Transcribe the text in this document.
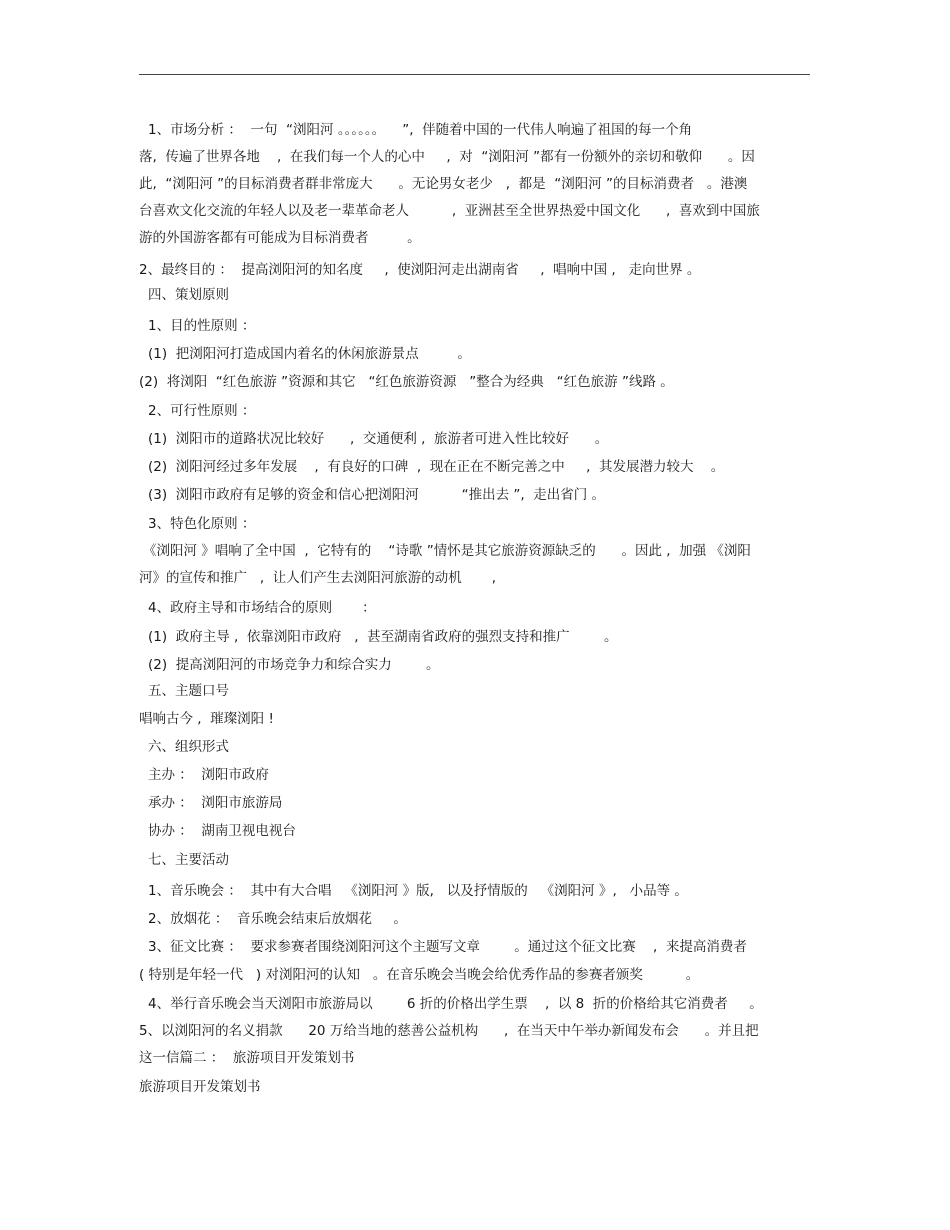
1、市场分析 ：  一句  “浏阳河 。。。。。。    ”,  伴随着中国的一代伟人响遍了祖国的每一个角
落,  传遍了世界各地    ,  在我们每一个人的心中     ,  对  “浏阳河 ”都有一份额外的亲切和敬仰      。因
此,  “浏阳河 ”的目标消费者群非常庞大      。无论男女老少   ,  都是  “浏阳河 ”的目标消费者   。港澳
台喜欢文化交流的年轻人以及老一辈革命老人          ,  亚洲甚至全世界热爱中国文化      ,  喜欢到中国旅
游的外国游客都有可能成为目标消费者         。
2、最终目的 ：  提高浏阳河的知名度     ,  使浏阳河走出湖南省     ,  唱响中国 ,   走向世界 。
四、策划原则
1、目的性原则 ：
(1)  把浏阳河打造成国内着名的休闲旅游景点         。
(2)  将浏阳  “红色旅游 ”资源和其它   “红色旅游资源   ”整合为经典   “红色旅游 ”线路 。
2、可行性原则 ：
(1)  浏阳市的道路状况比较好      ,  交通便利 ,  旅游者可进入性比较好      。
(2)  浏阳河经过多年发展    ,  有良好的口碑  ,  现在正在不断完善之中     ,  其发展潜力较大    。
(3)  浏阳市政府有足够的资金和信心把浏阳河          “推出去 ”,  走出省门 。
3、特色化原则 ：
《浏阳河 》唱响了全中国  ,  它特有的    “诗歌 ”情怀是其它旅游资源缺乏的      。因此 ,  加强 《浏阳
河》的宣传和推广   ,  让人们产生去浏阳河旅游的动机       ,
4、政府主导和市场结合的原则       ：
(1)  政府主导 ,  依靠浏阳市政府   ,  甚至湖南省政府的强烈支持和推广        。
(2)  提高浏阳河的市场竞争力和综合实力        。
五、主题口号
唱响古今 ,  璀璨浏阳 !
六、组织形式
主办 ：  浏阳市政府
承办 ：  浏阳市旅游局
协办 ：  湖南卫视电视台
七、主要活动
1、音乐晚会 ：  其中有大合唱   《浏阳河 》版,   以及抒情版的   《浏阳河 》,   小品等 。
2、放烟花 ：  音乐晚会结束后放烟花     。
3、征文比赛 ：  要求参赛者围绕浏阳河这个主题写文章        。通过这个征文比赛    ,  来提高消费者
( 特别是年轻一代   ) 对浏阳河的认知   。在音乐晚会当晚会给优秀作品的参赛者颁奖          。
4、举行音乐晚会当天浏阳市旅游局以        6 折的价格出学生票    ,  以 8  折的价格给其它消费者     。
5、以浏阳河的名义捐款      20 万给当地的慈善公益机构      ,  在当天中午举办新闻发布会      。并且把
这一信篇二 ：  旅游项目开发策划书
旅游项目开发策划书
